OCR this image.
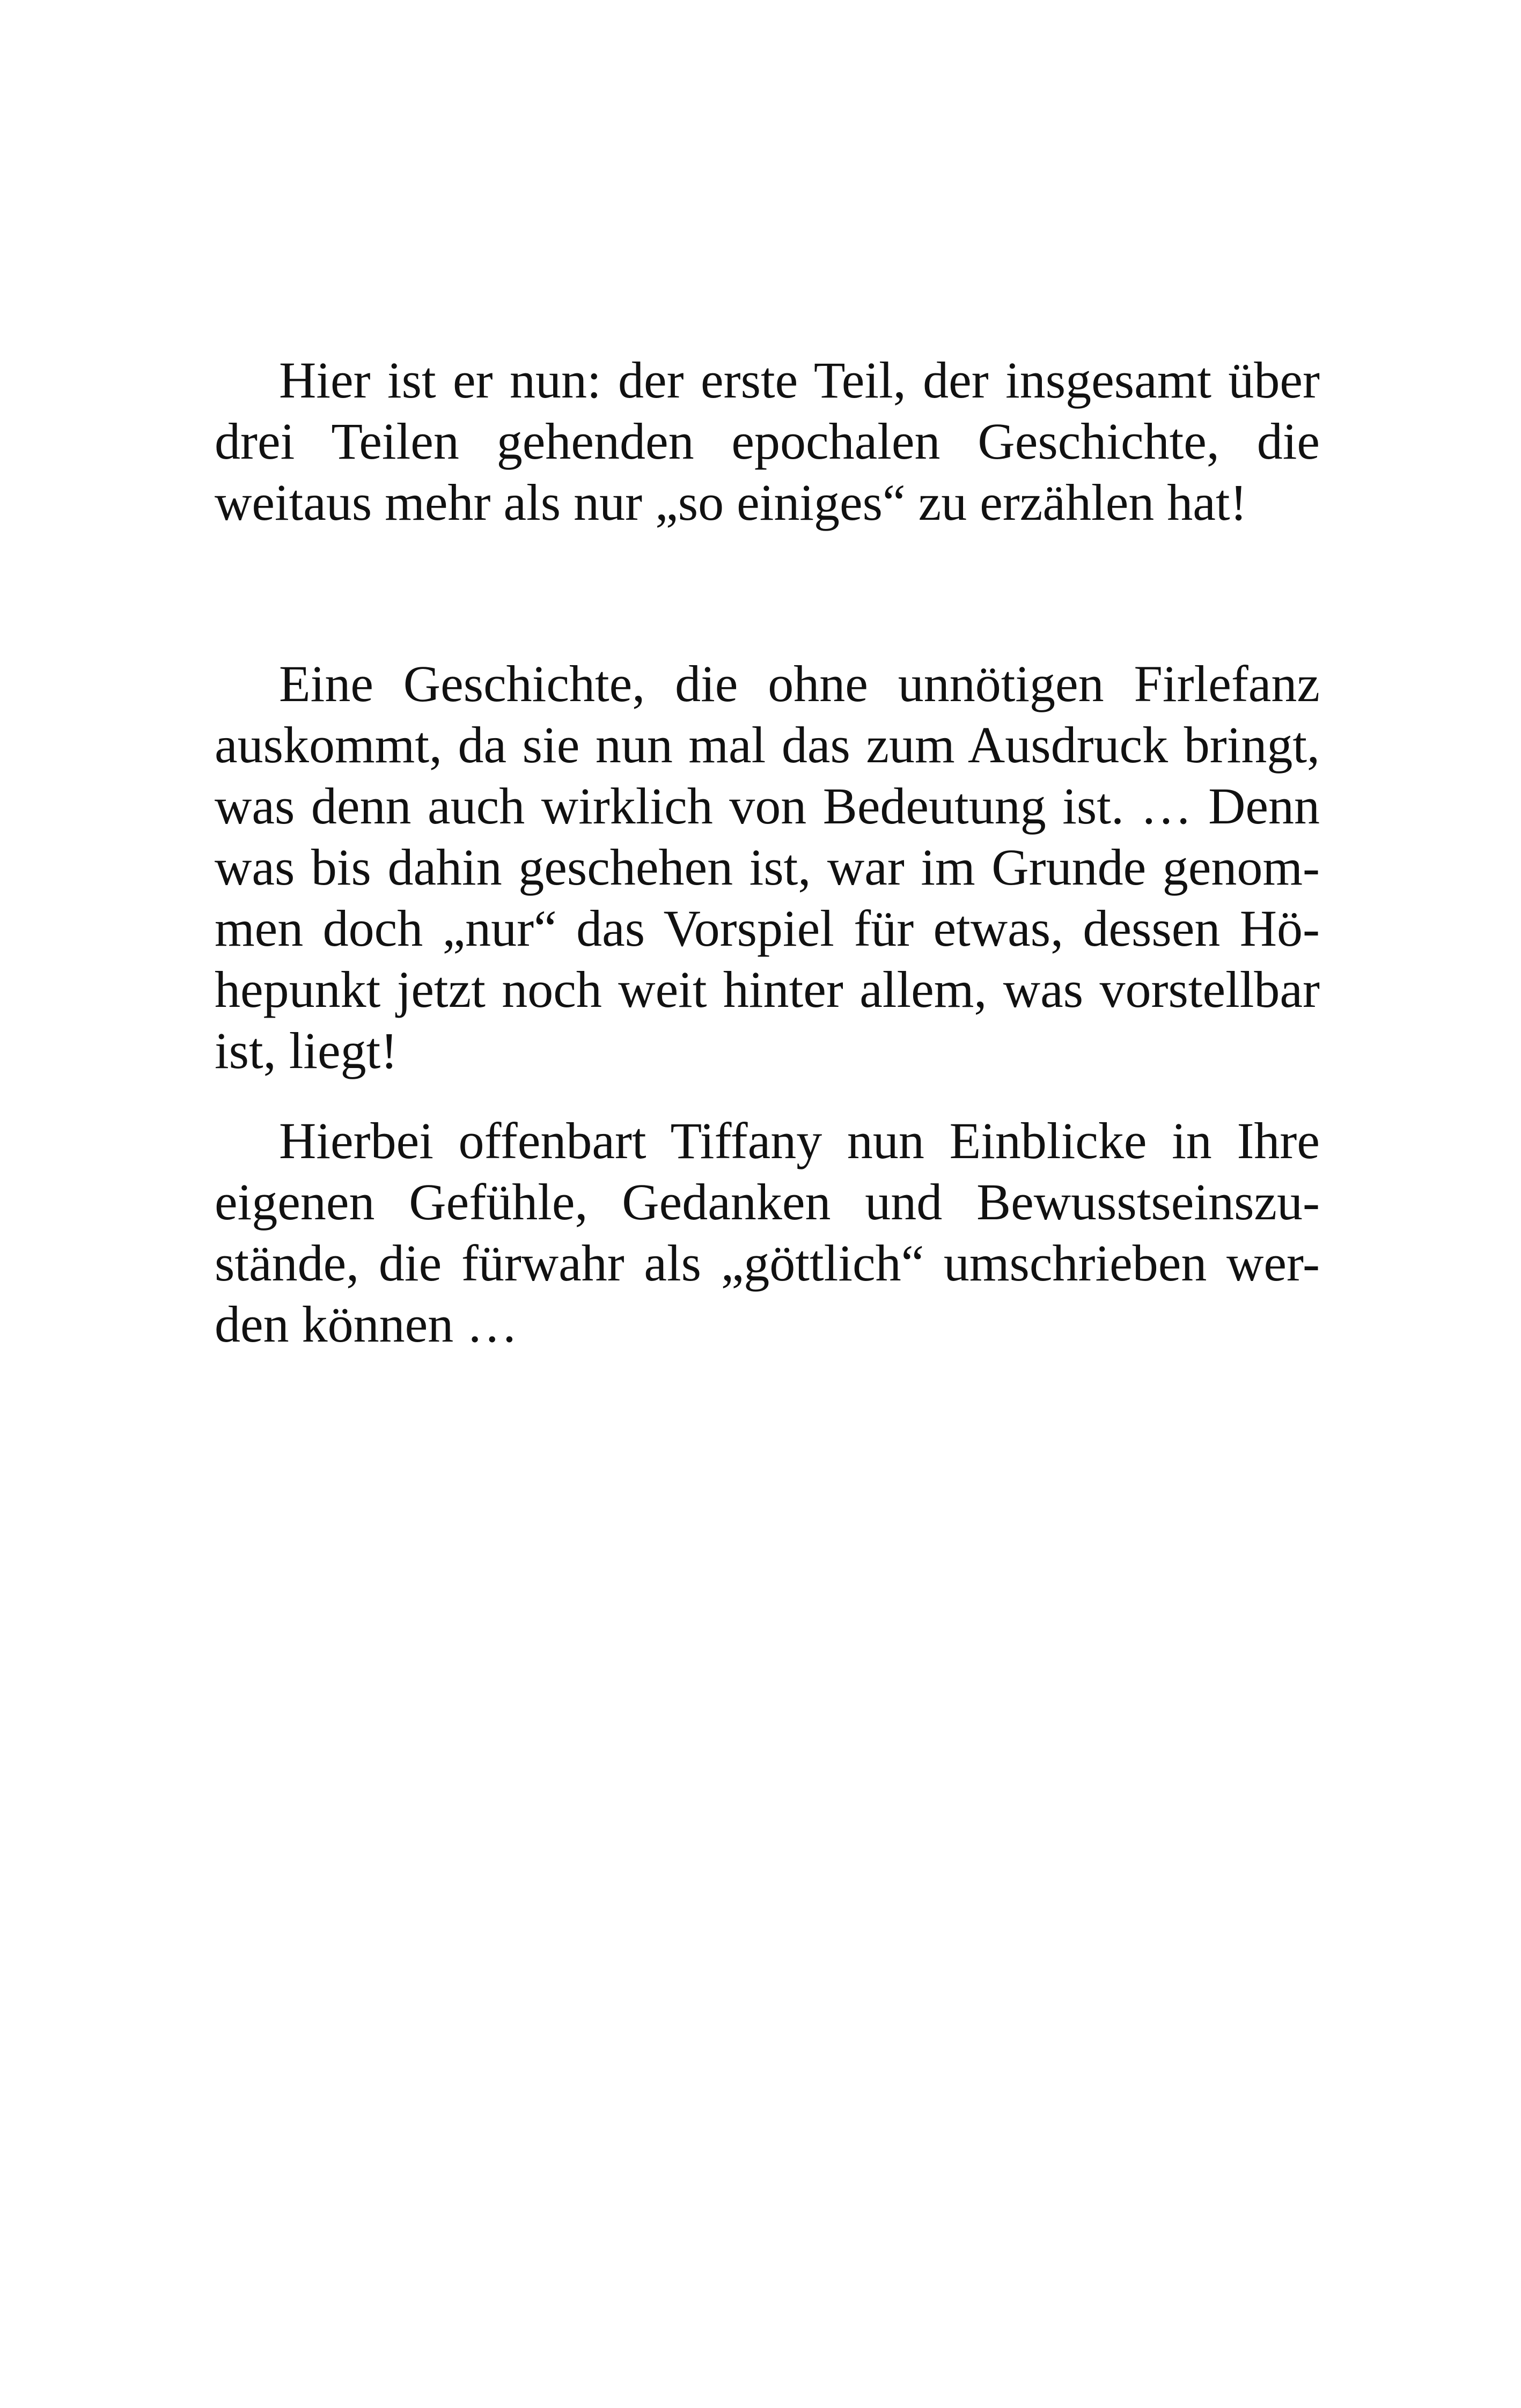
Hier ist er nun: der erste Teil, der insgesamt über
drei Teilen gehenden epochalen Geschichte, die
weitaus mehr als nur „so einiges“ zu erzählen hat!
Eine Geschichte, die ohne unnötigen Firlefanz
auskommt, da sie nun mal das zum Ausdruck bringt,
was denn auch wirklich von Bedeutung ist. … Denn
was bis dahin geschehen ist, war im Grunde genom-
men doch „nur“ das Vorspiel für etwas, dessen Hö-
hepunkt jetzt noch weit hinter allem, was vorstellbar
ist, liegt!
Hierbei offenbart Tiffany nun Einblicke in Ihre
eigenen Gefühle, Gedanken und Bewusstseinszu-
stände, die fürwahr als „göttlich“ umschrieben wer-
den können …
